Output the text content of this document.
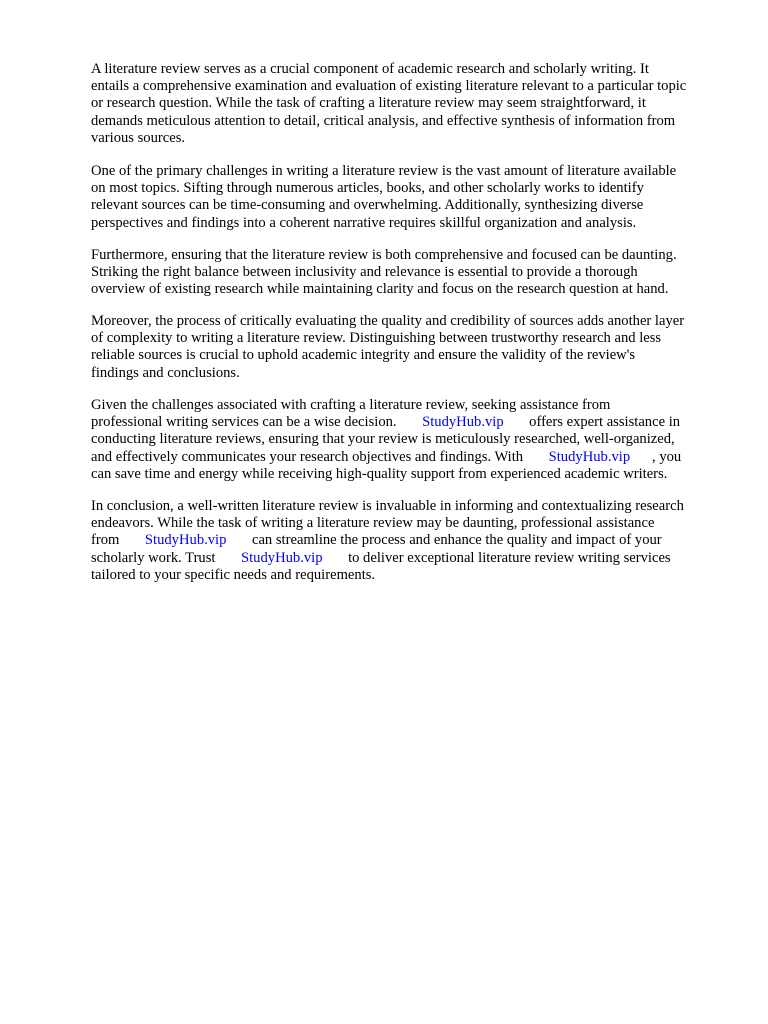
A literature review serves as a crucial component of academic research and scholarly writing. It
entails a comprehensive examination and evaluation of existing literature relevant to a particular topic
or research question. While the task of crafting a literature review may seem straightforward, it
demands meticulous attention to detail, critical analysis, and effective synthesis of information from
various sources.
One of the primary challenges in writing a literature review is the vast amount of literature available
on most topics. Sifting through numerous articles, books, and other scholarly works to identify
relevant sources can be time-consuming and overwhelming. Additionally, synthesizing diverse
perspectives and findings into a coherent narrative requires skillful organization and analysis.
Furthermore, ensuring that the literature review is both comprehensive and focused can be daunting.
Striking the right balance between inclusivity and relevance is essential to provide a thorough
overview of existing research while maintaining clarity and focus on the research question at hand.
Moreover, the process of critically evaluating the quality and credibility of sources adds another layer
of complexity to writing a literature review. Distinguishing between trustworthy research and less
reliable sources is crucial to uphold academic integrity and ensure the validity of the review's
findings and conclusions.
Given the challenges associated with crafting a literature review, seeking assistance from
professional writing services can be a wise decision. StudyHub.vip offers expert assistance in
conducting literature reviews, ensuring that your review is meticulously researched, well-organized,
and effectively communicates your research objectives and findings. With StudyHub.vip , you
can save time and energy while receiving high-quality support from experienced academic writers.
In conclusion, a well-written literature review is invaluable in informing and contextualizing research
endeavors. While the task of writing a literature review may be daunting, professional assistance
from StudyHub.vip can streamline the process and enhance the quality and impact of your
scholarly work. Trust StudyHub.vip to deliver exceptional literature review writing services
tailored to your specific needs and requirements.
